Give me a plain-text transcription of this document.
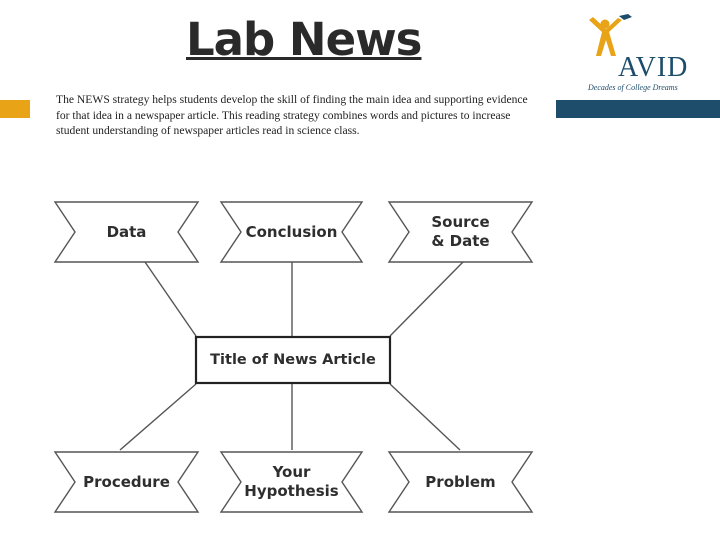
Lab News
AVID
Decades of College Dreams
The NEWS strategy helps students develop the skill of finding the main idea and supporting evidence for that idea in a newspaper article. This reading strategy combines words and pictures to increase student understanding of newspaper articles read in science class.
Data	Conclusion
Source
& Date
Title of News Article
Procedure
Your
Hypothesis
Problem
